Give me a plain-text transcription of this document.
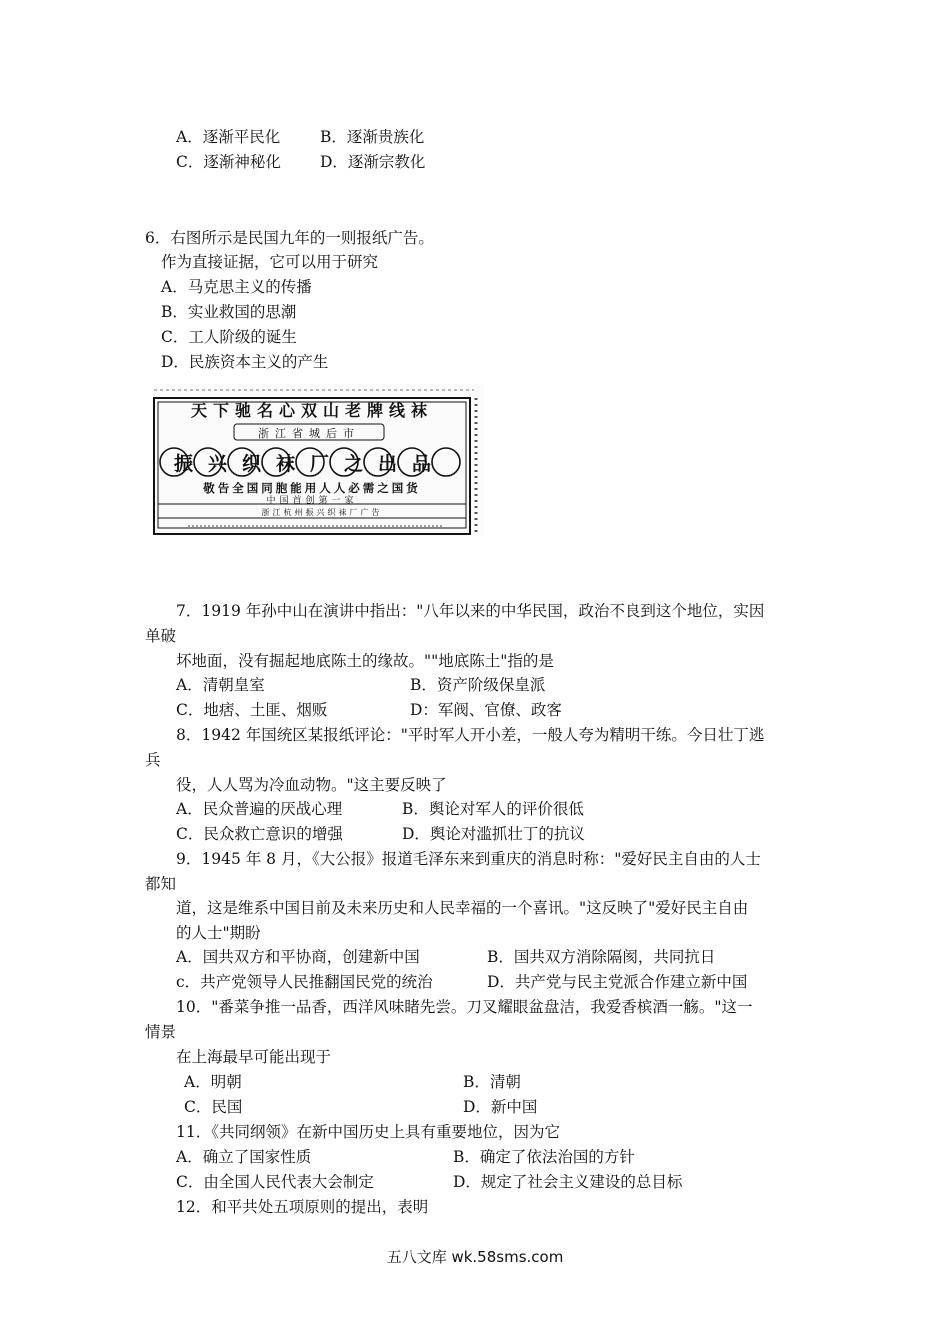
A．逐渐平民化	B．逐渐贵族化
C．逐渐神秘化	D．逐渐宗教化
6．右图所示是民国九年的一则报纸广告。
作为直接证据，它可以用于研究
A．马克思主义的传播
B．实业救国的思潮
C．工人阶级的诞生
D．民族资本主义的产生
天下驰名心双山老牌线袜
浙江省城后市
振兴织袜厂之出品
敬告全国同胞能用人人必需之国货
中国首创第一家
浙江杭州振兴织袜厂广告
7．1919 年孙中山在演讲中指出："八年以来的中华民国，政治不良到这个地位，实因
单破
坏地面，没有掘起地底陈土的缘故。""地底陈土"指的是
A．清朝皇室	B．资产阶级保皇派
C．地痞、土匪、烟贩	D：军阀、官僚、政客
8．1942 年国统区某报纸评论："平时军人开小差，一般人夸为精明干练。今日壮丁逃
兵
役，人人骂为冷血动物。"这主要反映了
A．民众普遍的厌战心理	B．舆论对军人的评价很低
C．民众救亡意识的增强	D．舆论对滥抓壮丁的抗议
9．1945 年 8 月，《大公报》报道毛泽东来到重庆的消息时称："爱好民主自由的人士
都知
道，这是维系中国目前及未来历史和人民幸福的一个喜讯。"这反映了"爱好民主自由
的人士"期盼
A．国共双方和平协商，创建新中国	B．国共双方消除隔阂，共同抗日
c．共产党领导人民推翻国民党的统治	D．共产党与民主党派合作建立新中国
10．"番菜争推一品香，西洋风味睹先尝。刀叉耀眼盆盘洁，我爱香槟酒一觞。"这一
情景
在上海最早可能出现于
A．明朝	B．清朝
C．民国	D．新中国
11．《共同纲领》在新中国历史上具有重要地位，因为它
A．确立了国家性质	B．确定了依法治国的方针
C．由全国人民代表大会制定	D．规定了社会主义建设的总目标
12．和平共处五项原则的提出，表明
五八文库 wk.58sms.com
